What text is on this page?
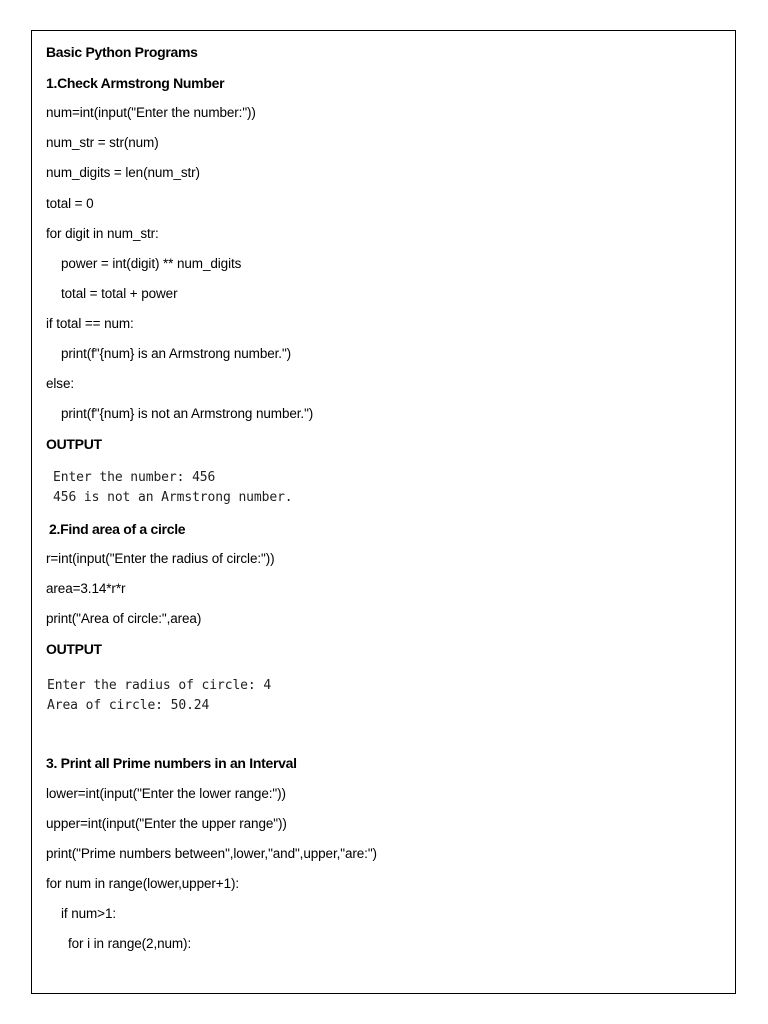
Basic Python Programs
1.Check Armstrong Number
num=int(input("Enter the number:"))
num_str = str(num)
num_digits = len(num_str)
total = 0
for digit in num_str:
power = int(digit) ** num_digits
total = total + power
if total == num:
print(f"{num} is an Armstrong number.")
else:
print(f"{num} is not an Armstrong number.")
OUTPUT
Enter the number: 456
456 is not an Armstrong number.
2.Find area of a circle
r=int(input("Enter the radius of circle:"))
area=3.14*r*r
print("Area of circle:",area)
OUTPUT
Enter the radius of circle: 4
Area of circle: 50.24
3. Print all Prime numbers in an Interval
lower=int(input("Enter the lower range:"))
upper=int(input("Enter the upper range"))
print("Prime numbers between",lower,"and",upper,"are:")
for num in range(lower,upper+1):
if num>1:
for i in range(2,num):
